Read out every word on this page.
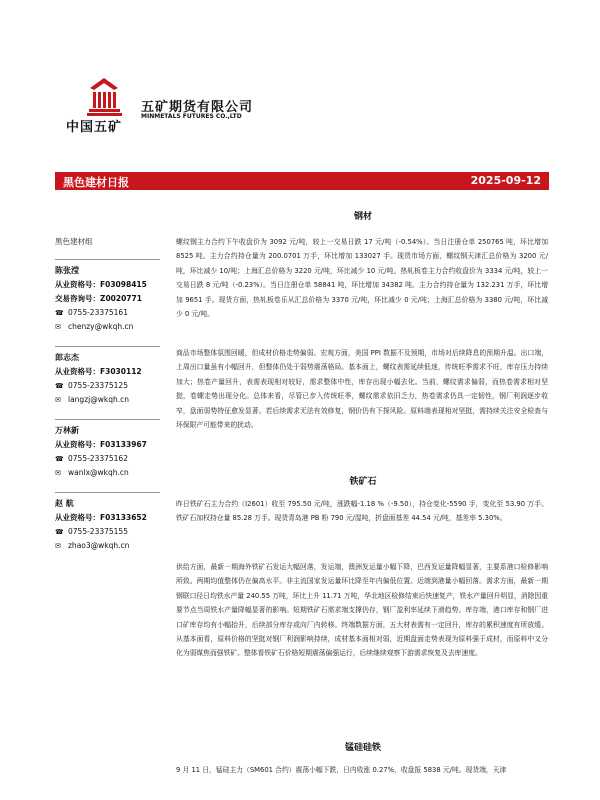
中国五矿
五矿期货有限公司
MINMETALS FUTURES CO.,LTD
黑色建材日报	2025-09-12
黑色建材组
陈张滢
从业资格号：F03098415
交易咨询号：Z0020771
☎ 0755-23375161
✉ chenzy@wkqh.cn
郎志杰
从业资格号：F3030112
☎ 0755-23375125
✉ langzj@wkqh.cn
万林新
从业资格号：F03133967
☎ 0755-23375162
✉ wanlx@wkqh.cn
赵 航
从业资格号：F03133652
☎ 0755-23375155
✉ zhao3@wkqh.cn
钢材
螺纹钢主力合约下午收盘价为 3092 元/吨，较上一交易日跌 17 元/吨（-0.54%）。当日注册仓单 250765 吨，环比增加 8525 吨。主力合约持仓量为 200.0701 万手，环比增加 133027 手。现货市场方面，螺纹钢天津汇总价格为 3200 元/吨，环比减少 10/吨；上海汇总价格为 3220 元/吨，环比减少 10 元/吨。热轧板卷主力合约收盘价为 3334 元/吨，较上一交易日跌 8 元/吨（-0.23%）。当日注册仓单 58841 吨，环比增加 34382 吨。主力合约持仓量为 132.231 万手，环比增加 9651 手。现货方面，热轧板卷乐从汇总价格为 3370 元/吨，环比减少 0 元/吨；上海汇总价格为 3380 元/吨，环比减少 0 元/吨。
商品市场整体氛围回暖，但成材价格走势偏弱。宏观方面，美国 PPI 数据不及预期，市场对后续降息的预期升温。出口端，上周出口量虽有小幅回升，但整体仍处于弱势震荡格局。基本面上，螺纹表需延续低迷，传统旺季需求不旺，库存压力持续加大；热卷产量回升，表需表现相对较好，需求整体中性，库存出现小幅去化。当前，螺纹需求偏弱，而热卷需求相对坚挺，卷螺走势出现分化。总体来看，尽管已步入传统旺季，螺纹需求依旧乏力，热卷需求仍具一定韧性，钢厂利润逐步收窄，盘面弱势特征愈发显著。若后续需求无法有效修复，钢价仍有下探风险。原料端表现相对坚挺，需持续关注安全检查与环保限产可能带来的扰动。
铁矿石
昨日铁矿石主力合约（I2601）收至 795.50 元/吨，涨跌幅-1.18 %（-9.50），持仓变化-5590 手，变化至 53.90 万手。铁矿石加权持仓量 85.28 万手。现货青岛港 PB 粉 790 元/湿吨，折盘面基差 44.54 元/吨，基差率 5.30%。
供给方面，最新一期海外铁矿石发运大幅回落，发运端，澳洲发运量小幅下降，巴西发运量降幅显著，主要系港口检修影响所致。两期均值整体仍在偏高水平。非主流国家发运量环比降至年内偏低位置。近端到港量小幅回落。需求方面，最新一期钢联口径日均铁水产量 240.55 万吨，环比上升 11.71 万吨，华北地区检修结束后快速复产，铁水产量回升明显，消除因重要节点当周铁水产量降幅显著的影响。短期铁矿石需求端支撑仍存，钢厂盈利率延续下滑趋势。库存端，港口库存和钢厂进口矿库存均有小幅抬升，后续部分库存或向厂内转移。终端数据方面，五大材表需有一定回升，库存的累积速度有所放缓。从基本面看，原料价格的坚挺对钢厂利润影响持续，成材基本面相对弱，近期盘面走势表现为原料强于成材，而原料中又分化为弱煤焦而强铁矿。整体看铁矿石价格短期震荡偏强运行，后续继续观察下游需求恢复及去库速度。
锰硅硅铁
9 月 11 日，锰硅主力（SM601 合约）震荡小幅下跌，日内收涨 0.27%，收盘报 5838 元/吨。现货端，天津
